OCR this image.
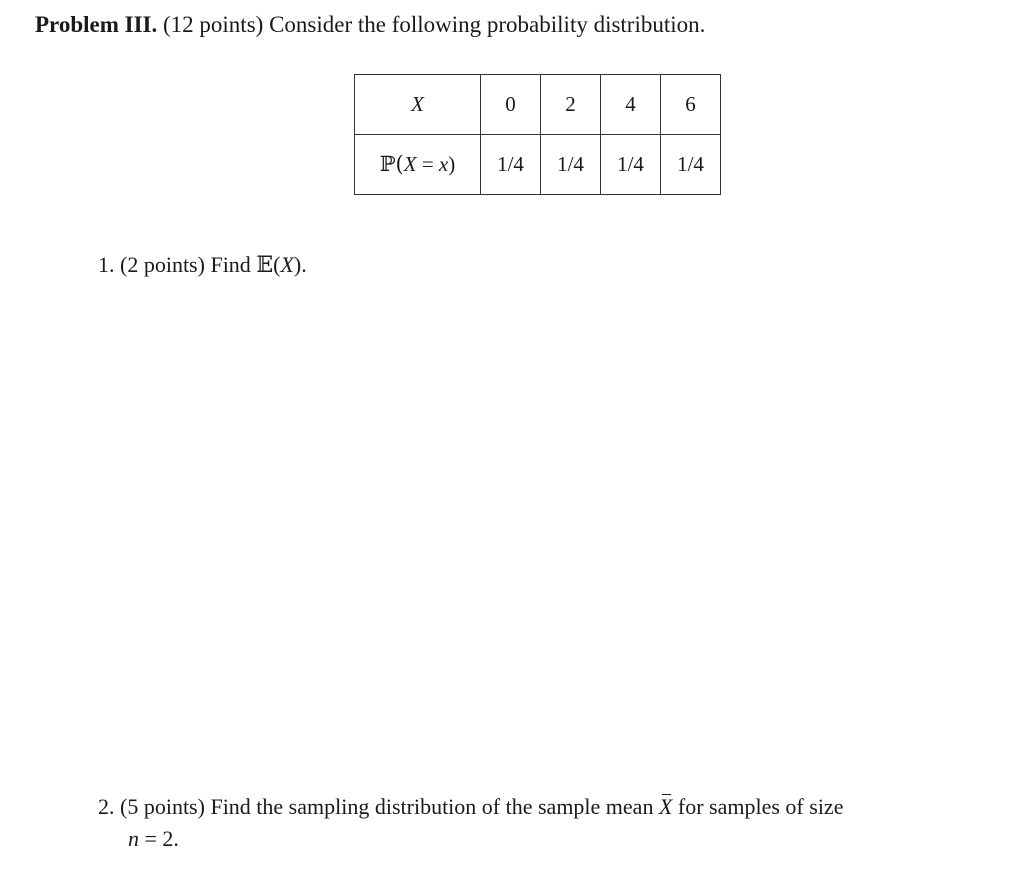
Problem III. (12 points) Consider the following probability distribution.
X	0	2	4	6
ℙ(X = x)	1/4	1/4	1/4	1/4
1. (2 points) Find 𝔼(X).
2. (5 points) Find the sampling distribution of the sample mean X for samples of size
n = 2.
